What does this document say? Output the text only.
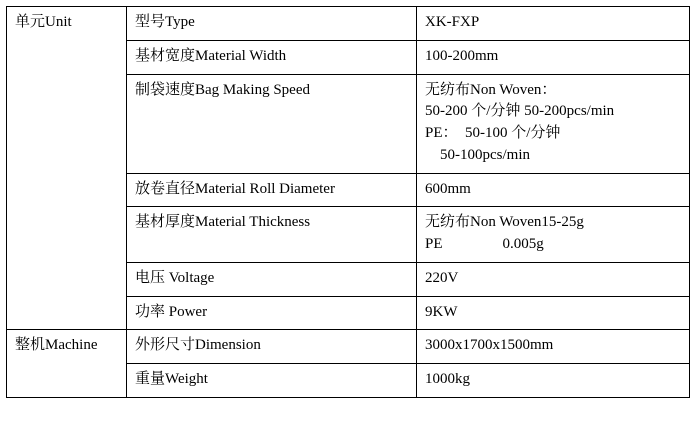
单元Unit	型号Type	XK-FXP

	基材宽度Material Width	100-200mm

	制袋速度Bag Making Speed	无纺布Non Woven：
50-200 个/分钟 50-200pcs/min
PE：  50-100 个/分钟
50-100pcs/min

	放卷直径Material Roll Diameter	600mm

	基材厚度Material Thickness	无纺布Non Woven15-25g
PE                0.005g

	电压 Voltage	220V

	功率 Power	9KW

整机Machine	外形尺寸Dimension	3000x1700x1500mm

	重量Weight	1000kg
